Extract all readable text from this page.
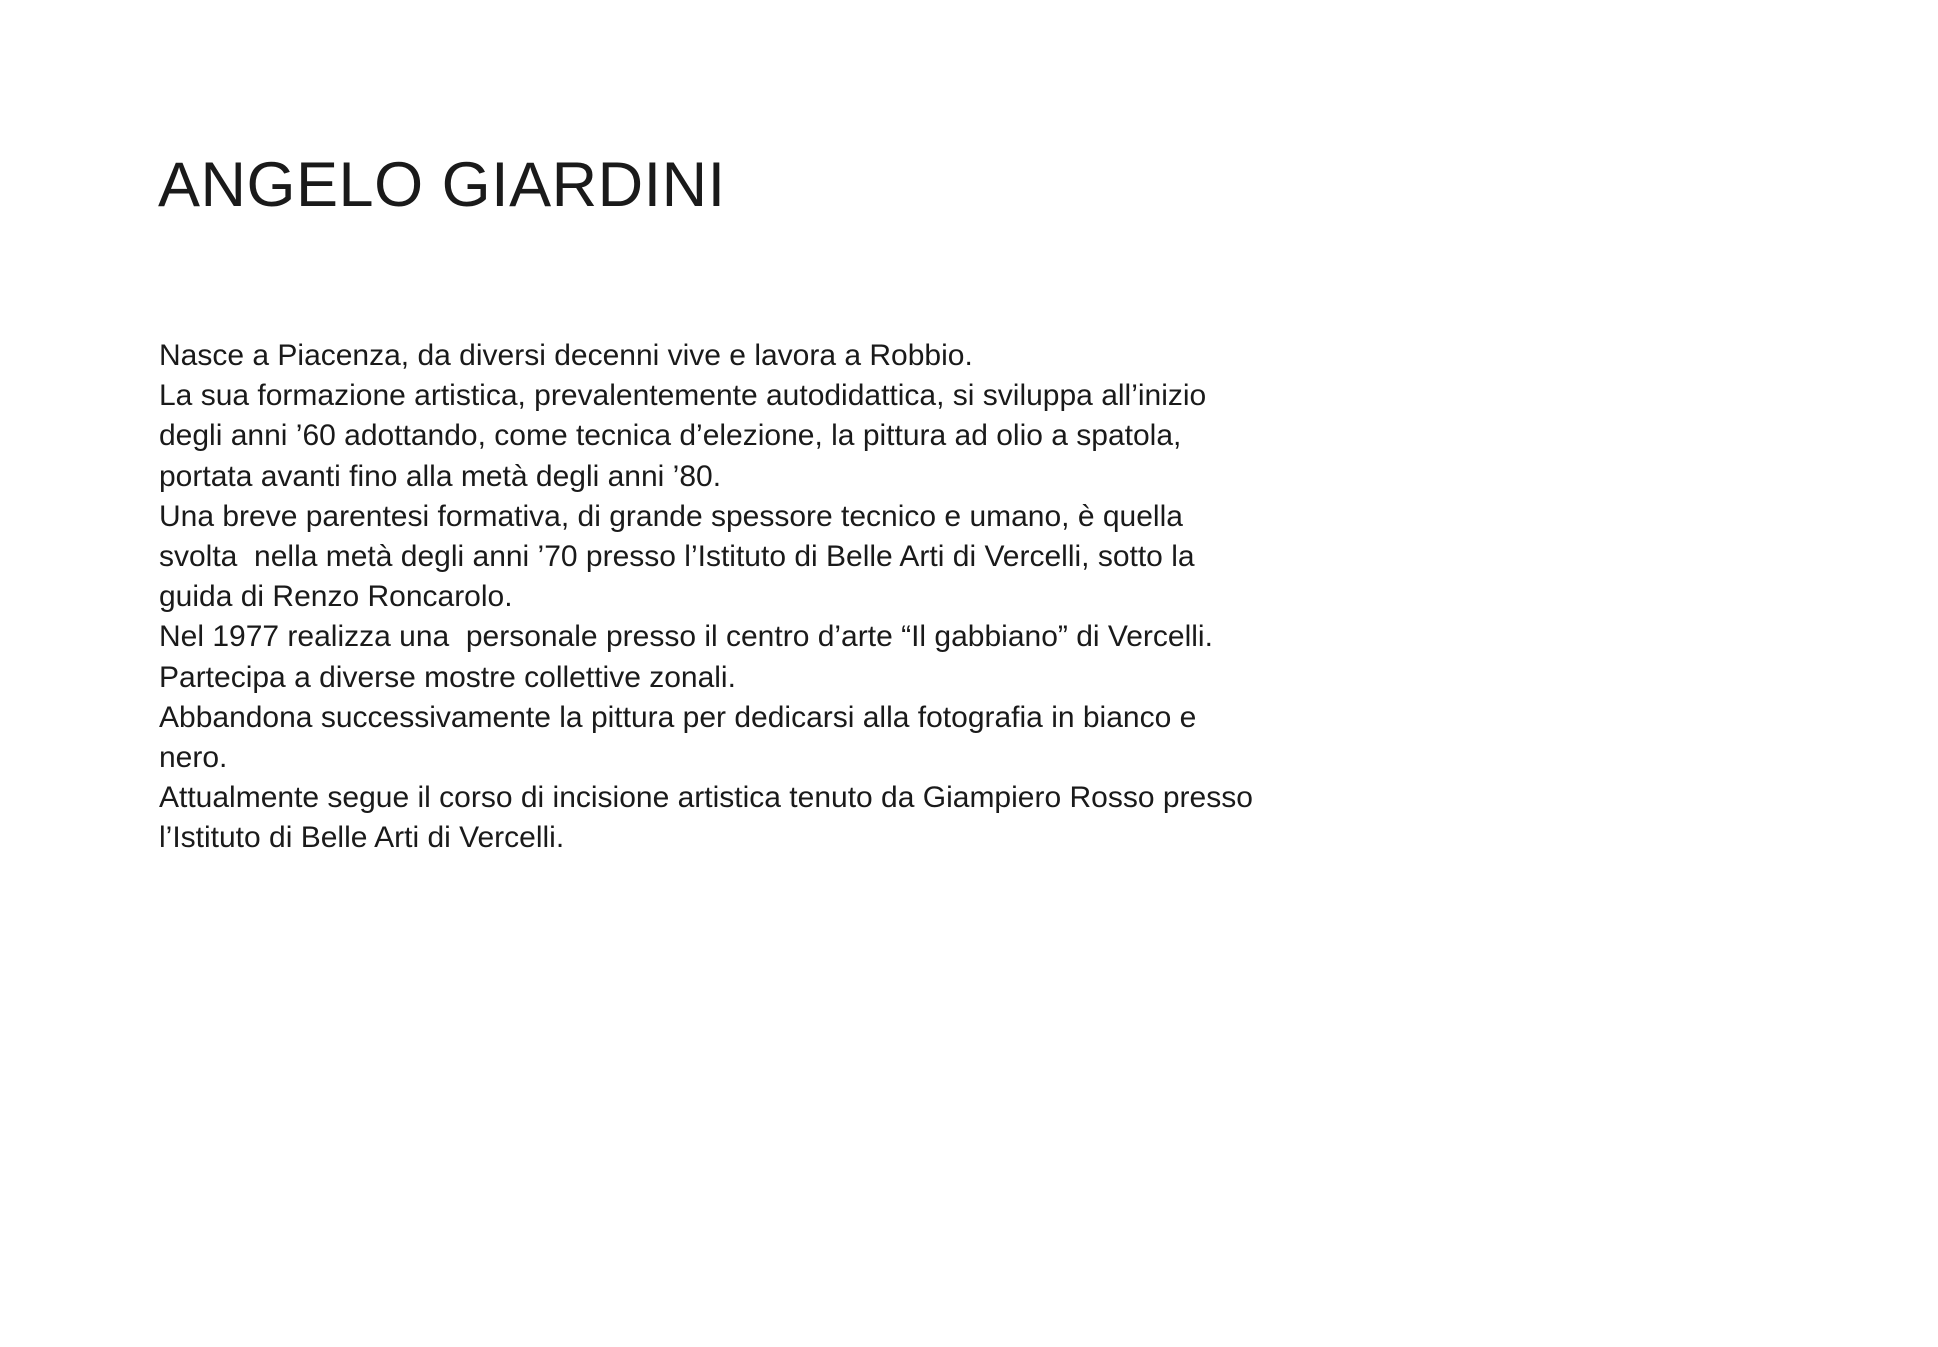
ANGELO GIARDINI
Nasce a Piacenza, da diversi decenni vive e lavora a Robbio.
La sua formazione artistica, prevalentemente autodidattica, si sviluppa all’inizio
degli anni ’60 adottando, come tecnica d’elezione, la pittura ad olio a spatola,
portata avanti fino alla metà degli anni ’80.
Una breve parentesi formativa, di grande spessore tecnico e umano, è quella
svolta  nella metà degli anni ’70 presso l’Istituto di Belle Arti di Vercelli, sotto la
guida di Renzo Roncarolo.
Nel 1977 realizza una  personale presso il centro d’arte “Il gabbiano” di Vercelli.
Partecipa a diverse mostre collettive zonali.
Abbandona successivamente la pittura per dedicarsi alla fotografia in bianco e
nero.
Attualmente segue il corso di incisione artistica tenuto da Giampiero Rosso presso
l’Istituto di Belle Arti di Vercelli.
